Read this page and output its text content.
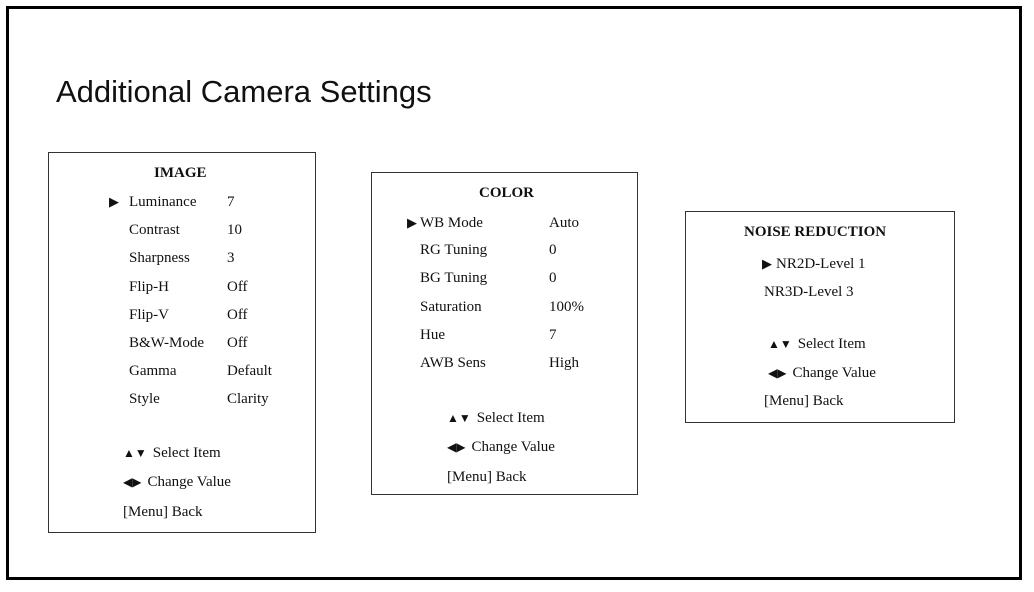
Additional Camera Settings
IMAGE
▶ Luminance 7
Contrast	10
Sharpness 3
Flip-H	Off
Flip-V	Off
B&W-Mode Off
Gamma	Default
Style	Clarity
▲▼ Select Item
◀▶ Change Value
[Menu] Back
COLOR
▶ WB Mode	Auto
RG Tuning	0
BG Tuning	0
Saturation	100%
Hue	7
AWB Sens	High
▲▼ Select Item
◀▶ Change Value
[Menu] Back
NOISE REDUCTION
▶ NR2D-Level 1
NR3D-Level 3
▲▼ Select Item
◀▶ Change Value
[Menu] Back
